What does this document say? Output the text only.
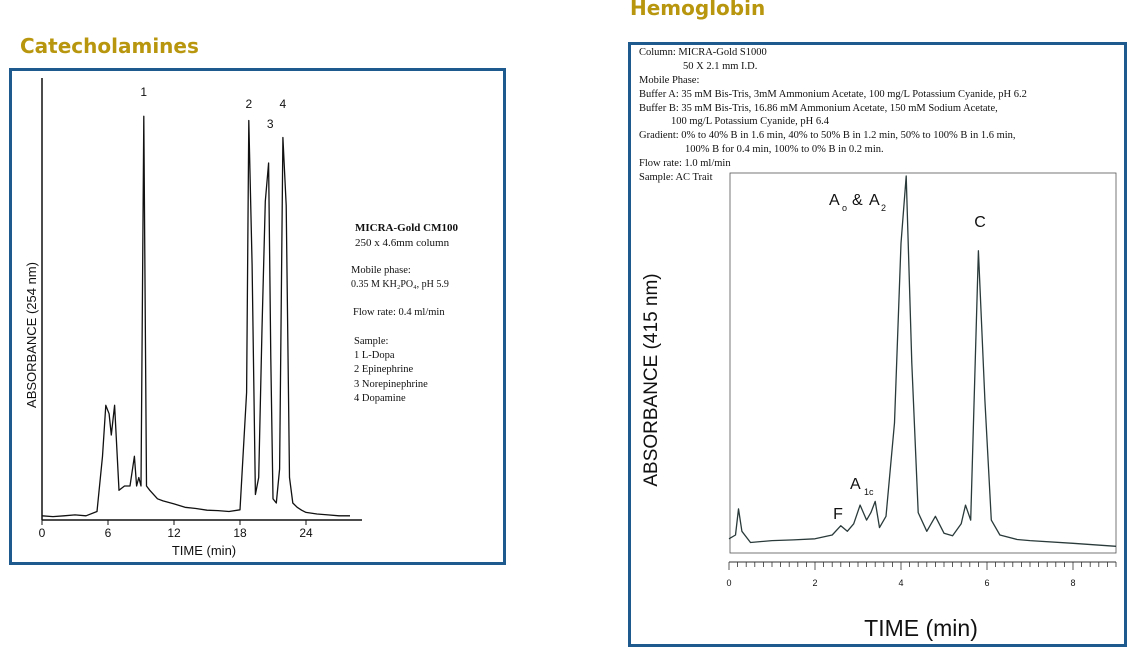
Catecholamines
Hemoglobin
0	6	12	18	24
TIME (min)
ABSORBANCE (254 nm)
1
2
3
4
MICRA-Gold CM100
250 x 4.6mm column
Mobile phase:
0.35 M KH₂PO₄, pH 5.9
Flow rate: 0.4 ml/min
Sample:
1 L-Dopa
2 Epinephrine
3 Norepinephrine
4 Dopamine
0	2	4	6	8
TIME (min)
ABSORBANCE (415 nm)
F
A 1c
A o & A 2
C
Column: MICRA-Gold S1000
50 X 2.1 mm I.D.
Mobile Phase:
Buffer A: 35 mM Bis-Tris, 3mM Ammonium Acetate, 100 mg/L Potassium Cyanide, pH 6.2
Buffer B: 35 mM Bis-Tris, 16.86 mM Ammonium Acetate, 150 mM Sodium Acetate,
100 mg/L Potassium Cyanide, pH 6.4
Gradient: 0% to 40% B in 1.6 min, 40% to 50% B in 1.2 min, 50% to 100% B in 1.6 min,
100% B for 0.4 min, 100% to 0% B in 0.2 min.
Flow rate: 1.0 ml/min
Sample: AC Trait
